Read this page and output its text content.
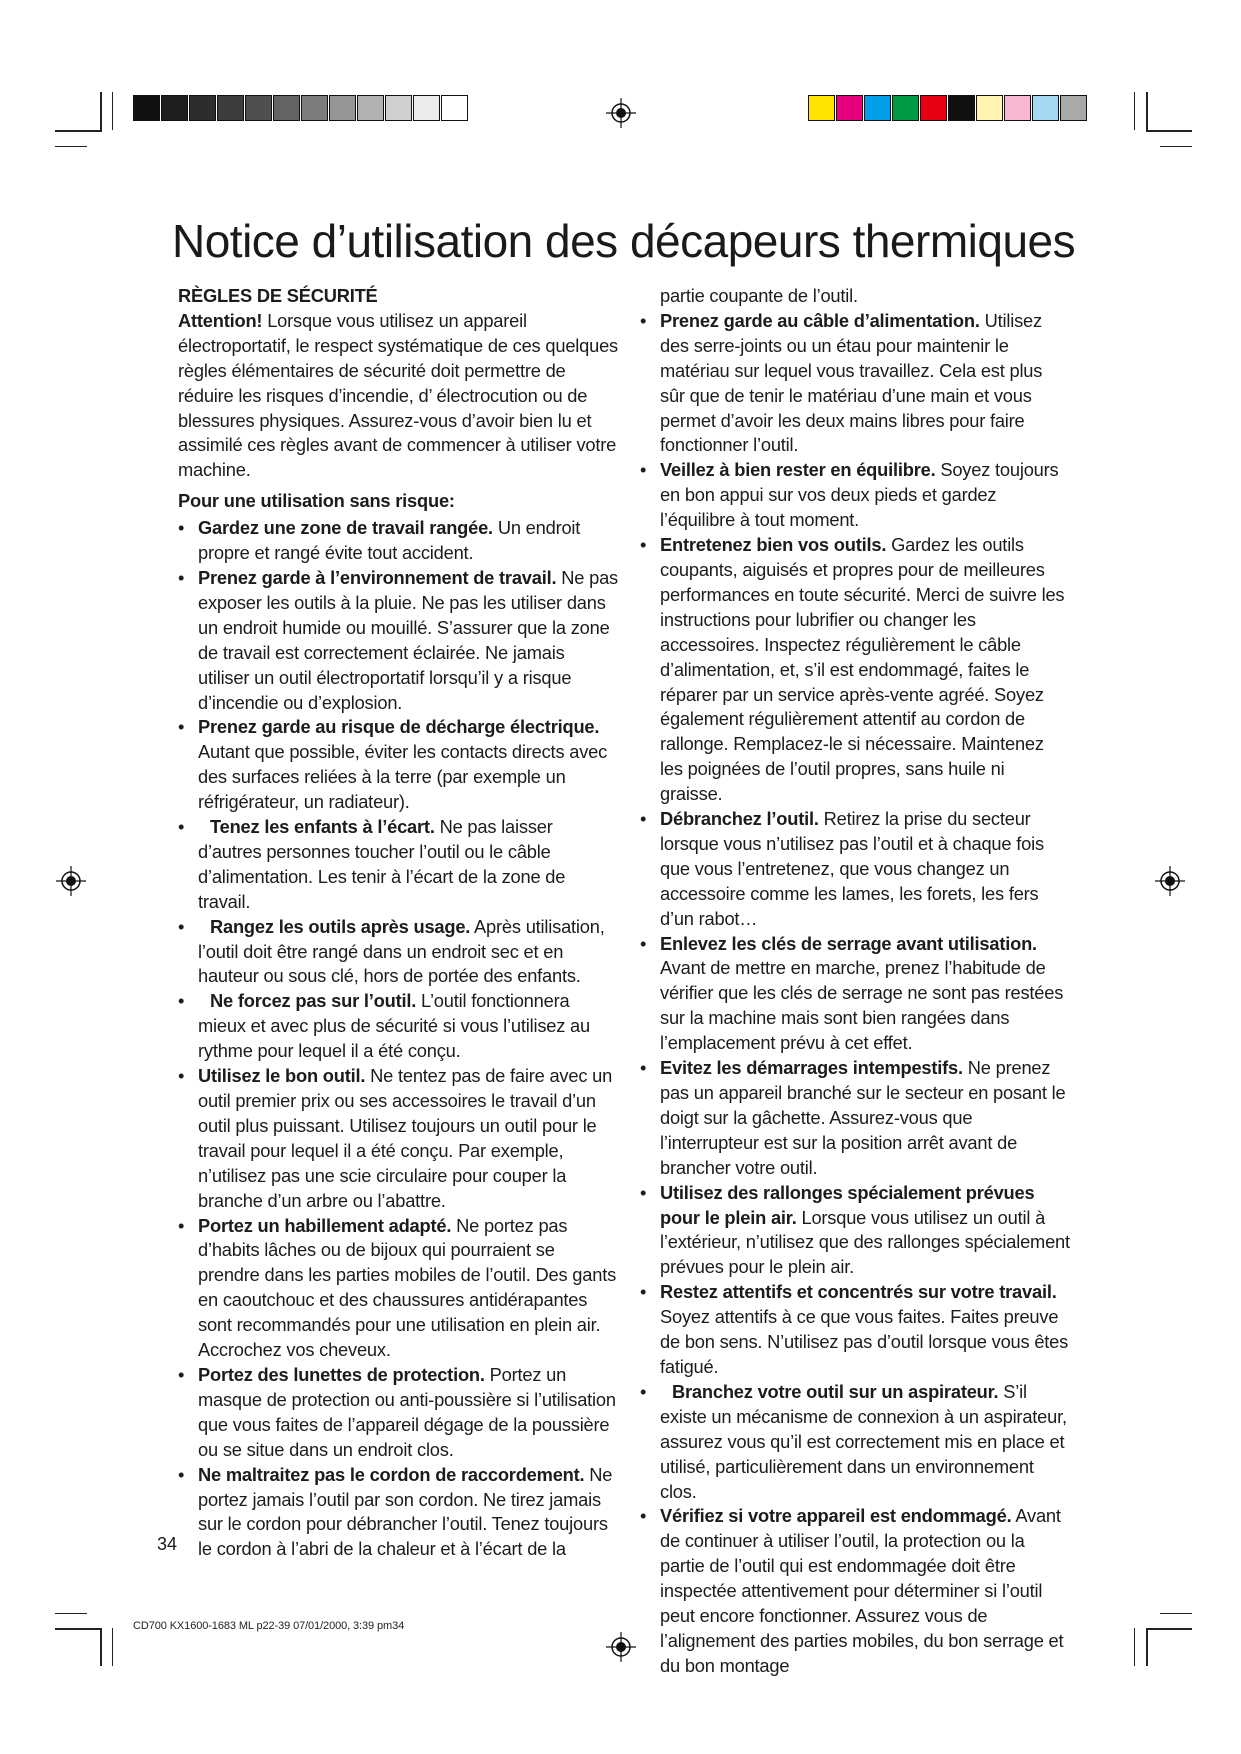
Notice d’utilisation des décapeurs thermiques

RÈGLES DE SÉCURITÉ

Attention! Lorsque vous utilisez un appareil électroportatif, le respect systématique de ces quelques règles élémentaires de sécurité doit permettre de réduire les risques d’incendie, d’ électrocution ou de blessures physiques. Assurez-vous d’avoir bien lu et assimilé ces règles avant de commencer à utiliser votre machine.

Pour une utilisation sans risque:

• Gardez une zone de travail rangée. Un endroit propre et rangé évite tout accident.

• Prenez garde à l’environnement de travail. Ne pas exposer les outils à la pluie. Ne pas les utiliser dans un endroit humide ou mouillé. S’assurer que la zone de travail est correctement éclairée. Ne jamais utiliser un outil électroportatif lorsqu’il y a risque d’incendie ou d’explosion.

• Prenez garde au risque de décharge électrique. Autant que possible, éviter les contacts directs avec des surfaces reliées à la terre (par exemple un réfrigérateur, un radiateur).

• Tenez les enfants à l’écart. Ne pas laisser d’autres personnes toucher l’outil ou le câble d’alimentation. Les tenir à l’écart de la zone de travail.

• Rangez les outils après usage. Après utilisation, l’outil doit être rangé dans un endroit sec et en hauteur ou sous clé, hors de portée des enfants.

• Ne forcez pas sur l’outil. L’outil fonctionnera mieux et avec plus de sécurité si vous l’utilisez au rythme pour lequel il a été conçu.

• Utilisez le bon outil. Ne tentez pas de faire avec un outil premier prix ou ses accessoires le travail d’un outil plus puissant. Utilisez toujours un outil pour le travail pour lequel il a été conçu. Par exemple, n’utilisez pas une scie circulaire pour couper la branche d’un arbre ou l’abattre.

• Portez un habillement adapté. Ne portez pas d’habits lâches ou de bijoux qui pourraient se prendre dans les parties mobiles de l’outil. Des gants en caoutchouc et des chaussures antidérapantes sont recommandés pour une utilisation en plein air. Accrochez vos cheveux.

• Portez des lunettes de protection. Portez un masque de protection ou anti-poussière si l’utilisation que vous faites de l’appareil dégage de la poussière ou se situe dans un endroit clos.

• Ne maltraitez pas le cordon de raccordement. Ne portez jamais l’outil par son cordon. Ne tirez jamais sur le cordon pour débrancher l’outil. Tenez toujours le cordon à l’abri de la chaleur et à l’écart de la

partie coupante de l’outil.

• Prenez garde au câble d’alimentation. Utilisez des serre-joints ou un étau pour maintenir le matériau sur lequel vous travaillez. Cela est plus sûr que de tenir le matériau d’une main et vous permet d’avoir les deux mains libres pour faire fonctionner l’outil.

• Veillez à bien rester en équilibre. Soyez toujours en bon appui sur vos deux pieds et gardez l’équilibre à tout moment.

• Entretenez bien vos outils. Gardez les outils coupants, aiguisés et propres pour de meilleures performances en toute sécurité. Merci de suivre les instructions pour lubrifier ou changer les accessoires. Inspectez régulièrement le câble d’alimentation, et, s’il est endommagé, faites le réparer par un service après-vente agréé. Soyez également régulièrement attentif au cordon de rallonge. Remplacez-le si nécessaire. Maintenez les poignées de l’outil propres, sans huile ni graisse.

• Débranchez l’outil. Retirez la prise du secteur lorsque vous n’utilisez pas l’outil et à chaque fois que vous l’entretenez, que vous changez un accessoire comme les lames, les forets, les fers d’un rabot…

• Enlevez les clés de serrage avant utilisation. Avant de mettre en marche, prenez l’habitude de vérifier que les clés de serrage ne sont pas restées sur la machine mais sont bien rangées dans l’emplacement prévu à cet effet.

• Evitez les démarrages intempestifs. Ne prenez pas un appareil branché sur le secteur en posant le doigt sur la gâchette. Assurez-vous que l’interrupteur est sur la position arrêt avant de brancher votre outil.

• Utilisez des rallonges spécialement prévues pour le plein air. Lorsque vous utilisez un outil à l’extérieur, n’utilisez que des rallonges spécialement prévues pour le plein air.

• Restez attentifs et concentrés sur votre travail. Soyez attentifs à ce que vous faites. Faites preuve de bon sens. N’utilisez pas d’outil lorsque vous êtes fatigué.

• Branchez votre outil sur un aspirateur. S’il existe un mécanisme de connexion à un aspirateur, assurez vous qu’il est correctement mis en place et utilisé, particulièrement dans un environnement clos.

• Vérifiez si votre appareil est endommagé. Avant de continuer à utiliser l’outil, la protection ou la partie de l’outil qui est endommagée doit être inspectée attentivement pour déterminer si l’outil peut encore fonctionner. Assurez vous de l’alignement des parties mobiles, du bon serrage et du bon montage

34
CD700 KX1600-1683 ML p22-39 07/01/2000, 3:39 pm34
